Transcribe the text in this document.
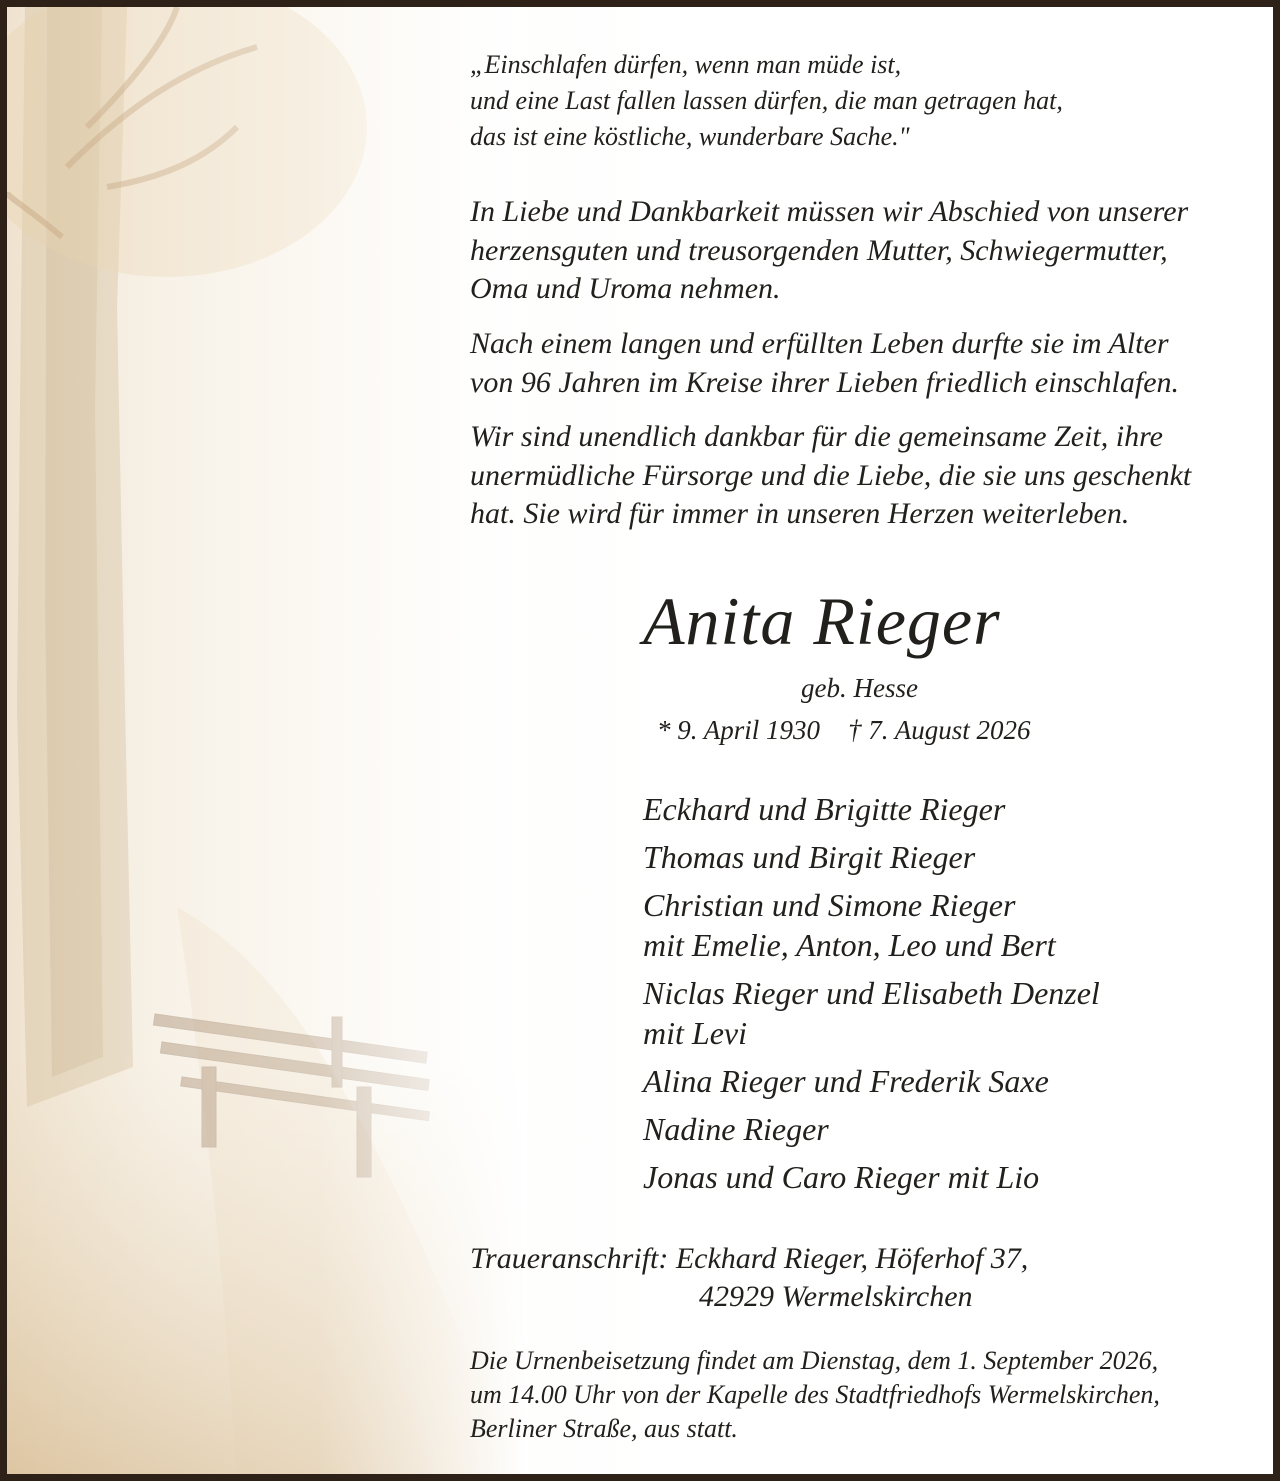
„Einschlafen dürfen, wenn man müde ist,
und eine Last fallen lassen dürfen, die man getragen hat,
das ist eine köstliche, wunderbare Sache."
In Liebe und Dankbarkeit müssen wir Abschied von unserer
herzensguten und treusorgenden Mutter, Schwiegermutter,
Oma und Uroma nehmen.
Nach einem langen und erfüllten Leben durfte sie im Alter
von 96 Jahren im Kreise ihrer Lieben friedlich einschlafen.
Wir sind unendlich dankbar für die gemeinsame Zeit, ihre
unermüdliche Fürsorge und die Liebe, die sie uns geschenkt
hat. Sie wird für immer in unseren Herzen weiterleben.
Anita Rieger
geb. Hesse
* 9. April 1930 † 7. August 2026
Eckhard und Brigitte Rieger
Thomas und Birgit Rieger
Christian und Simone Rieger
mit Emelie, Anton, Leo und Bert
Niclas Rieger und Elisabeth Denzel
mit Levi
Alina Rieger und Frederik Saxe
Nadine Rieger
Jonas und Caro Rieger mit Lio
Traueranschrift: Eckhard Rieger, Höferhof 37,
42929 Wermelskirchen
Die Urnenbeisetzung findet am Dienstag, dem 1. September 2026,
um 14.00 Uhr von der Kapelle des Stadtfriedhofs Wermelskirchen,
Berliner Straße, aus statt.
